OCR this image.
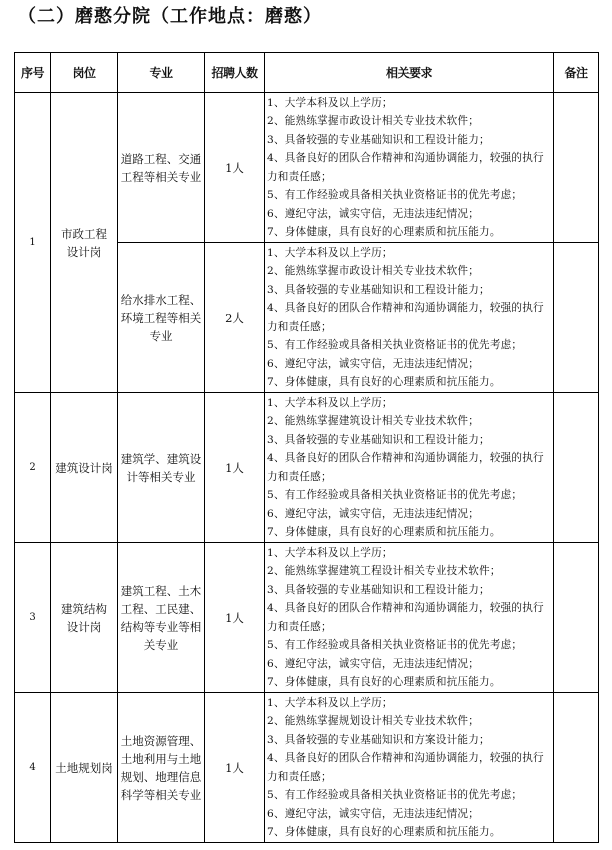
（二）磨憨分院（工作地点：磨憨）
序号	岗位	专业	招聘人数	相关要求	备注
1	市政工程设计岗	道路工程、交通工程等相关专业	1人	
1、大学本科及以上学历；
2、能熟练掌握市政设计相关专业技术软件；
3、具备较强的专业基础知识和工程设计能力；
4、具备良好的团队合作精神和沟通协调能力，较强的执行力和责任感；
5、有工作经验或具备相关执业资格证书的优先考虑；
6、遵纪守法，诚实守信，无违法违纪情况；
7、身体健康，具有良好的心理素质和抗压能力。

给水排水工程、环境工程等相关专业	2人	
1、大学本科及以上学历；
2、能熟练掌握市政设计相关专业技术软件；
3、具备较强的专业基础知识和工程设计能力；
4、具备良好的团队合作精神和沟通协调能力，较强的执行力和责任感；
5、有工作经验或具备相关执业资格证书的优先考虑；
6、遵纪守法，诚实守信，无违法违纪情况；
7、身体健康，具有良好的心理素质和抗压能力。

2	建筑设计岗	建筑学、建筑设计等相关专业	1人	
1、大学本科及以上学历；
2、能熟练掌握建筑设计相关专业技术软件；
3、具备较强的专业基础知识和工程设计能力；
4、具备良好的团队合作精神和沟通协调能力，较强的执行力和责任感；
5、有工作经验或具备相关执业资格证书的优先考虑；
6、遵纪守法，诚实守信，无违法违纪情况；
7、身体健康，具有良好的心理素质和抗压能力。

3	建筑结构设计岗	建筑工程、土木工程、工民建、结构等专业等相关专业	1人	
1、大学本科及以上学历；
2、能熟练掌握建筑工程设计相关专业技术软件；
3、具备较强的专业基础知识和工程设计能力；
4、具备良好的团队合作精神和沟通协调能力，较强的执行力和责任感；
5、有工作经验或具备相关执业资格证书的优先考虑；
6、遵纪守法，诚实守信，无违法违纪情况；
7、身体健康，具有良好的心理素质和抗压能力。

4	土地规划岗	土地资源管理、土地利用与土地规划、地理信息科学等相关专业	1人	
1、大学本科及以上学历；
2、能熟练掌握规划设计相关专业技术软件；
3、具备较强的专业基础知识和方案设计能力；
4、具备良好的团队合作精神和沟通协调能力，较强的执行力和责任感；
5、有工作经验或具备相关执业资格证书的优先考虑；
6、遵纪守法，诚实守信，无违法违纪情况；
7、身体健康，具有良好的心理素质和抗压能力。
